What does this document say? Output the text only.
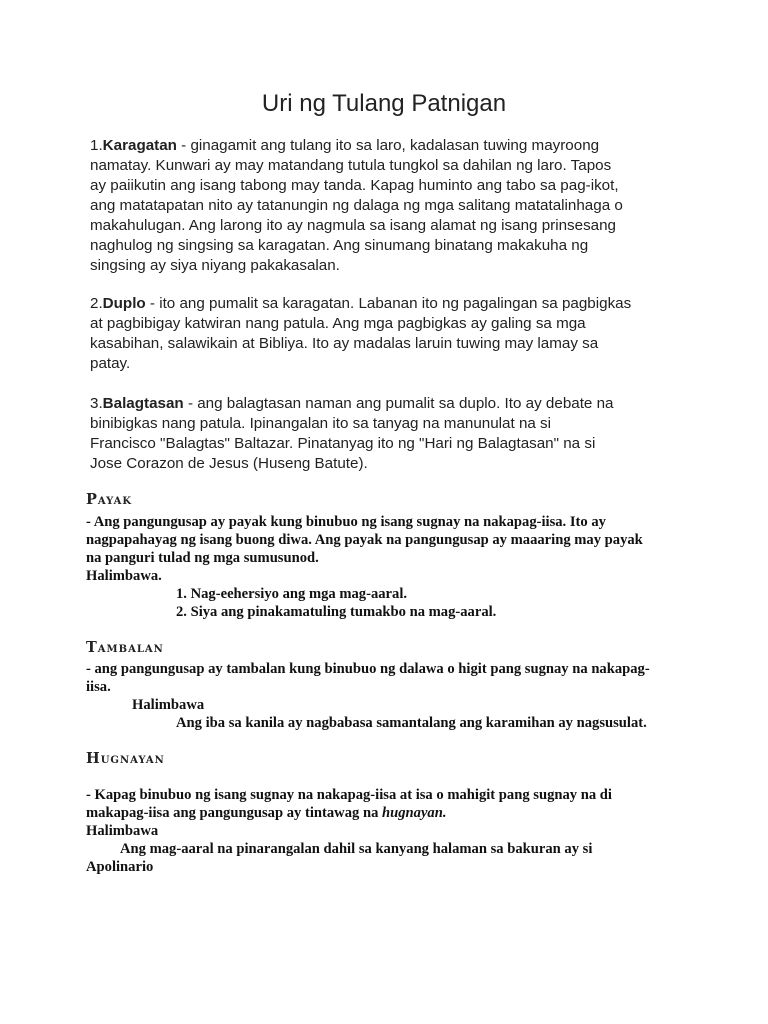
Uri ng Tulang Patnigan
1.Karagatan - ginagamit ang tulang ito sa laro, kadalasan tuwing mayroong
namatay. Kunwari ay may matandang tutula tungkol sa dahilan ng laro. Tapos
ay paiikutin ang isang tabong may tanda. Kapag huminto ang tabo sa pag-ikot,
ang matatapatan nito ay tatanungin ng dalaga ng mga salitang matatalinhaga o
makahulugan. Ang larong ito ay nagmula sa isang alamat ng isang prinsesang
naghulog ng singsing sa karagatan. Ang sinumang binatang makakuha ng
singsing ay siya niyang pakakasalan.
2.Duplo - ito ang pumalit sa karagatan. Labanan ito ng pagalingan sa pagbigkas
at pagbibigay katwiran nang patula. Ang mga pagbigkas ay galing sa mga
kasabihan, salawikain at Bibliya. Ito ay madalas laruin tuwing may lamay sa
patay.
3.Balagtasan - ang balagtasan naman ang pumalit sa duplo. Ito ay debate na
binibigkas nang patula. Ipinangalan ito sa tanyag na manunulat na si
Francisco "Balagtas" Baltazar. Pinatanyag ito ng "Hari ng Balagtasan" na si
Jose Corazon de Jesus (Huseng Batute).
Payak
- Ang pangungusap ay payak kung binubuo ng isang sugnay na nakapag-iisa. Ito ay
nagpapahayag ng isang buong diwa. Ang payak na pangungusap ay maaaring may payak
na panguri tulad ng mga sumusunod.
Halimbawa.
1. Nag-eehersiyo ang mga mag-aaral.
2. Siya ang pinakamatuling tumakbo na mag-aaral.
Tambalan
- ang pangungusap ay tambalan kung binubuo ng dalawa o higit pang sugnay na nakapag-
iisa.
Halimbawa
Ang iba sa kanila ay nagbabasa samantalang ang karamihan ay nagsusulat.
Hugnayan
- Kapag binubuo ng isang sugnay na nakapag-iisa at isa o mahigit pang sugnay na di
makapag-iisa ang pangungusap ay tintawag na hugnayan.
Halimbawa
Ang mag-aaral na pinarangalan dahil sa kanyang halaman sa bakuran ay si
Apolinario
